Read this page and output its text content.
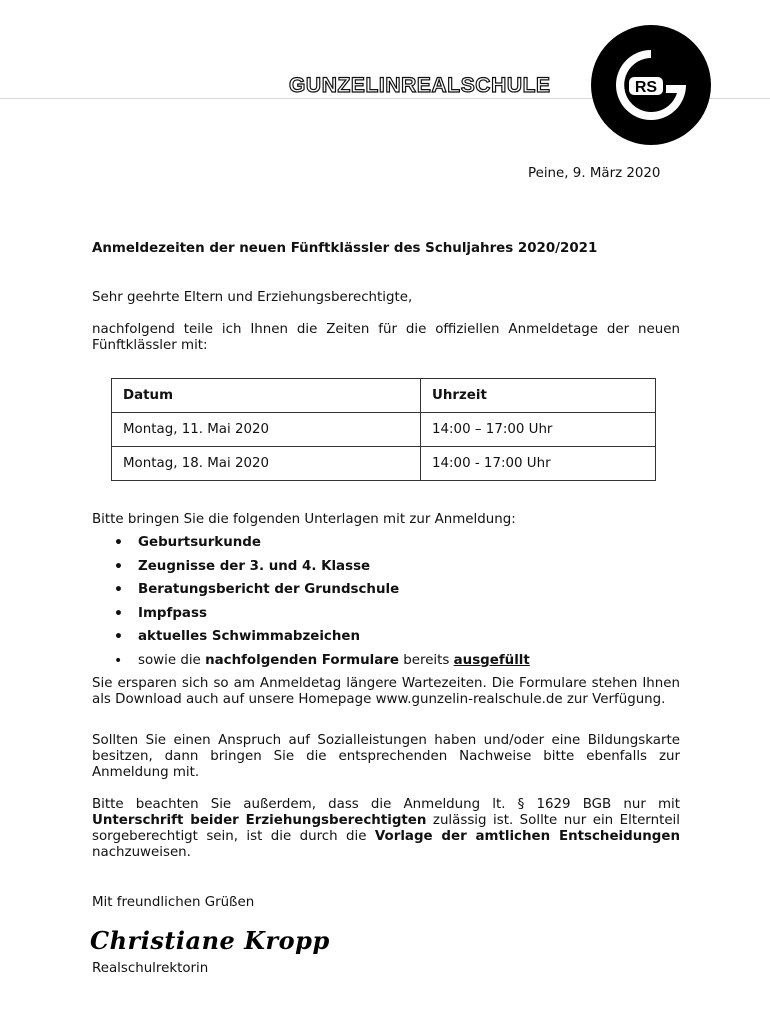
GUNZELINREALSCHULE	RS
Peine, 9. März 2020
Anmeldezeiten der neuen Fünftklässler des Schuljahres 2020/2021
Sehr geehrte Eltern und Erziehungsberechtigte,
nachfolgend teile ich Ihnen die Zeiten für die offiziellen Anmeldetage der neuen Fünftklässler mit:
Datum	Uhrzeit
Montag, 11. Mai 2020	14:00 – 17:00 Uhr
Montag, 18. Mai 2020	14:00 - 17:00 Uhr
Bitte bringen Sie die folgenden Unterlagen mit zur Anmeldung:
• Geburtsurkunde
• Zeugnisse der 3. und 4. Klasse
• Beratungsbericht der Grundschule
• Impfpass
• aktuelles Schwimmabzeichen
• sowie die nachfolgenden Formulare bereits ausgefüllt
Sie ersparen sich so am Anmeldetag längere Wartezeiten. Die Formulare stehen Ihnen als Download auch auf unsere Homepage www.gunzelin-realschule.de zur Verfügung.
Sollten Sie einen Anspruch auf Sozialleistungen haben und/oder eine Bildungskarte besitzen, dann bringen Sie die entsprechenden Nachweise bitte ebenfalls zur Anmeldung mit.
Bitte beachten Sie außerdem, dass die Anmeldung lt. § 1629 BGB nur mit Unterschrift beider Erziehungsberechtigten zulässig ist. Sollte nur ein Elternteil sorgeberechtigt sein, ist die durch die Vorlage der amtlichen Entscheidungen nachzuweisen.
Mit freundlichen Grüßen
Christiane Kropp
Realschulrektorin
